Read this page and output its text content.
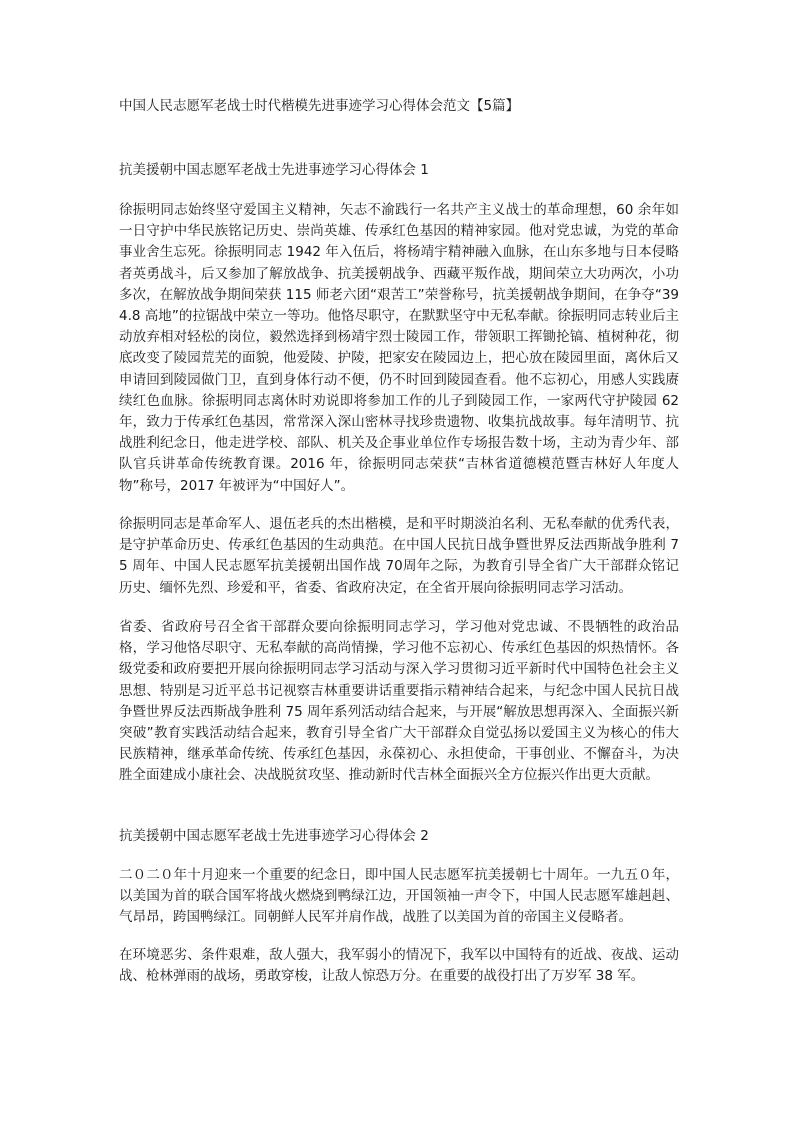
中国人民志愿军老战士时代楷模先进事迹学习心得体会范文【5篇】
抗美援朝中国志愿军老战士先进事迹学习心得体会 1

徐振明同志始终坚守爱国主义精神，矢志不渝践行一名共产主义战士的革命理想，60 余年如一日守护中华民族铭记历史、崇尚英雄、传承红色基因的精神家园。他对党忠诚，为党的革命事业舍生忘死。徐振明同志 1942 年入伍后，将杨靖宇精神融入血脉，在山东多地与日本侵略者英勇战斗，后又参加了解放战争、抗美援朝战争、西藏平叛作战，期间荣立大功两次，小功多次，在解放战争期间荣获 115 师老六团“艰苦工”荣誉称号，抗美援朝战争期间，在争夺“394.8 高地”的拉锯战中荣立一等功。他恪尽职守，在默默坚守中无私奉献。徐振明同志转业后主动放弃相对轻松的岗位，毅然选择到杨靖宇烈士陵园工作，带领职工挥锄抡镐、植树种花，彻底改变了陵园荒芜的面貌，他爱陵、护陵，把家安在陵园边上，把心放在陵园里面，离休后又申请回到陵园做门卫，直到身体行动不便，仍不时回到陵园查看。他不忘初心，用感人实践赓续红色血脉。徐振明同志离休时劝说即将参加工作的儿子到陵园工作，一家两代守护陵园 62 年，致力于传承红色基因，常常深入深山密林寻找珍贵遗物、收集抗战故事。每年清明节、抗战胜利纪念日，他走进学校、部队、机关及企事业单位作专场报告数十场，主动为青少年、部队官兵讲革命传统教育课。2016 年，徐振明同志荣获“吉林省道德模范暨吉林好人年度人物”称号，2017 年被评为“中国好人”。

徐振明同志是革命军人、退伍老兵的杰出楷模，是和平时期淡泊名利、无私奉献的优秀代表，是守护革命历史、传承红色基因的生动典范。在中国人民抗日战争暨世界反法西斯战争胜利 75 周年、中国人民志愿军抗美援朝出国作战 70周年之际，为教育引导全省广大干部群众铭记历史、缅怀先烈、珍爱和平，省委、省政府决定，在全省开展向徐振明同志学习活动。

省委、省政府号召全省干部群众要向徐振明同志学习，学习他对党忠诚、不畏牺牲的政治品格，学习他恪尽职守、无私奉献的高尚情操，学习他不忘初心、传承红色基因的炽热情怀。各级党委和政府要把开展向徐振明同志学习活动与深入学习贯彻习近平新时代中国特色社会主义思想、特别是习近平总书记视察吉林重要讲话重要指示精神结合起来，与纪念中国人民抗日战争暨世界反法西斯战争胜利 75 周年系列活动结合起来，与开展“解放思想再深入、全面振兴新突破”教育实践活动结合起来，教育引导全省广大干部群众自觉弘扬以爱国主义为核心的伟大民族精神，继承革命传统、传承红色基因，永葆初心、永担使命，干事创业、不懈奋斗，为决胜全面建成小康社会、决战脱贫攻坚、推动新时代吉林全面振兴全方位振兴作出更大贡献。

抗美援朝中国志愿军老战士先进事迹学习心得体会 2

二０二０年十月迎来一个重要的纪念日，即中国人民志愿军抗美援朝七十周年。一九五０年，以美国为首的联合国军将战火燃烧到鸭绿江边，开国领袖一声令下，中国人民志愿军雄赳赳、气昂昂，跨国鸭绿江。同朝鲜人民军并肩作战，战胜了以美国为首的帝国主义侵略者。

在环境恶劣、条件艰难，敌人强大，我军弱小的情况下，我军以中国特有的近战、夜战、运动战、枪林弹雨的战场，勇敢穿梭，让敌人惊恐万分。在重要的战役打出了万岁军 38 军。
